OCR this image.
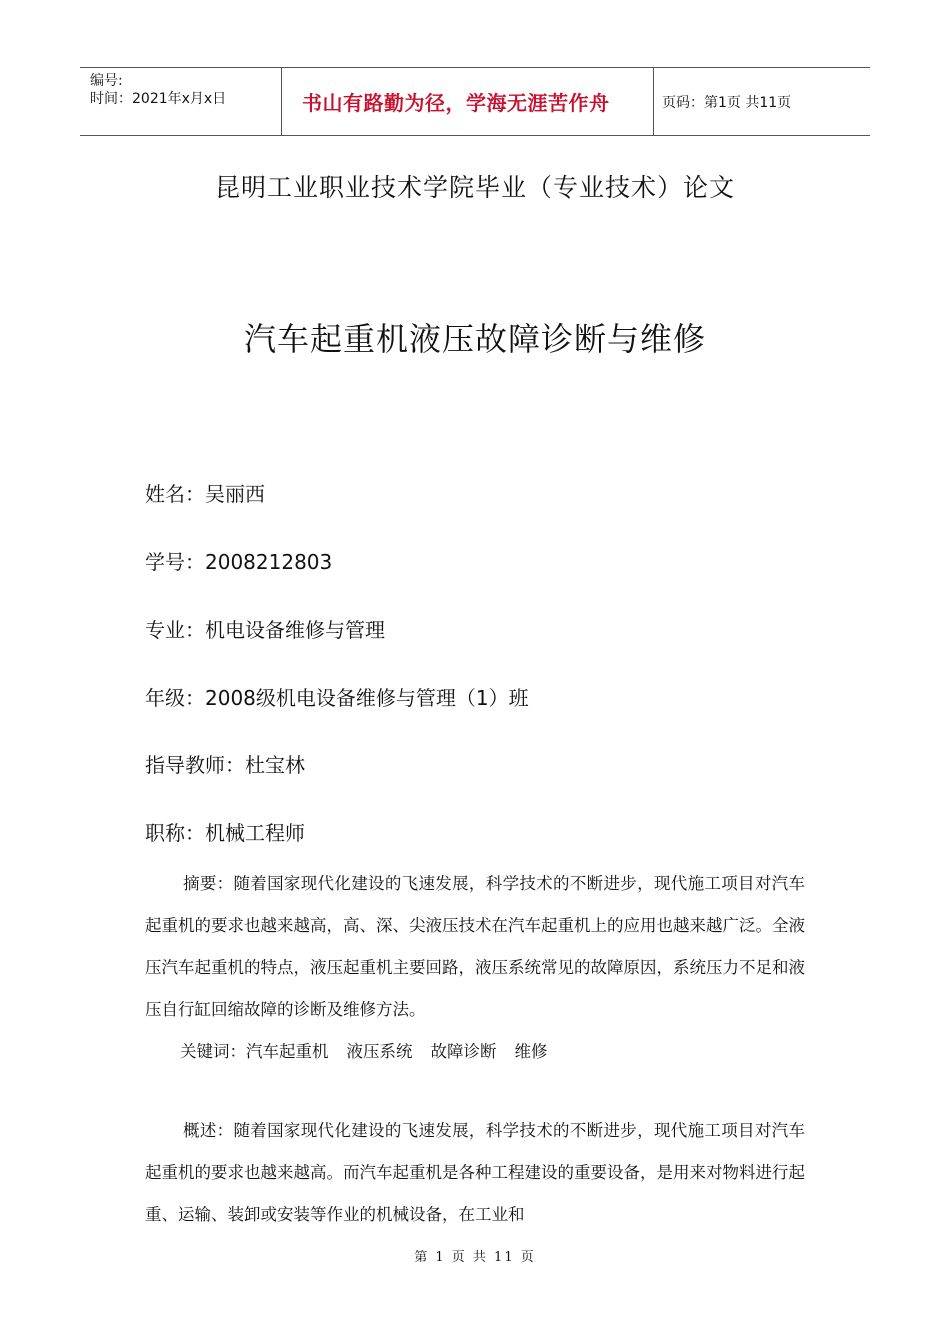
编号:
时间：2021年x月x日	书山有路勤为径，学海无涯苦作舟	页码：第1页 共11页
昆明工业职业技术学院毕业（专业技术）论文
汽车起重机液压故障诊断与维修
姓名：吴丽西
学号：2008212803
专业：机电设备维修与管理
年级：2008级机电设备维修与管理（1）班
指导教师：杜宝林
职称：机械工程师
摘要：随着国家现代化建设的飞速发展，科学技术的不断进步，现代施工项目对汽车起重机的要求也越来越高，高、深、尖液压技术在汽车起重机上的应用也越来越广泛。全液压汽车起重机的特点，液压起重机主要回路，液压系统常见的故障原因，系统压力不足和液压自行缸回缩故障的诊断及维修方法。
关键词：汽车起重机 液压系统 故障诊断 维修
概述：随着国家现代化建设的飞速发展，科学技术的不断进步，现代施工项目对汽车起重机的要求也越来越高。而汽车起重机是各种工程建设的重要设备，是用来对物料进行起重、运输、装卸或安装等作业的机械设备，在工业和
第 1 页 共 11 页
